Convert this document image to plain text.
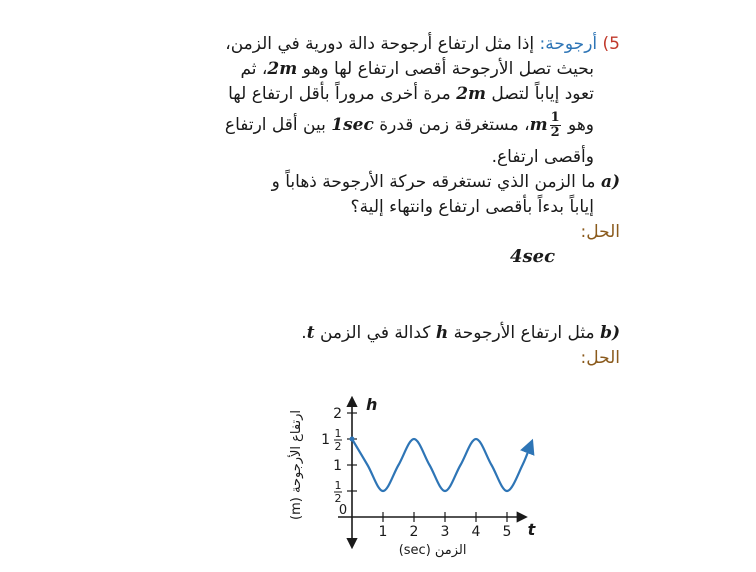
5) أرجوحة: إذا مثل ارتفاع أرجوحة دالة دورية في الزمن،
بحيث تصل الأرجوحة أقصى ارتفاع لها وهو 2m، ثم
تعود إياباً لتصل 2m مرة أخرى مروراً بأقل ارتفاع لها
وهو
$\frac{1}{2}$
m، مستغرقة زمن قدرة 1sec بين أقل ارتفاع
وأقصى ارتفاع.
a) ما الزمن الذي تستغرقه حركة الأرجوحة ذهاباً و
إياباً بدءاً بأقصى ارتفاع وانتهاء إلية؟
الحل:
4sec
b) مثل ارتفاع الأرجوحة h كدالة في الزمن t.
الحل:
1 2 3 4 5
1
2
1
1
2
1
2
0
h
t
الزمن (sec)
ارتفاع الأرجوحة (m)
